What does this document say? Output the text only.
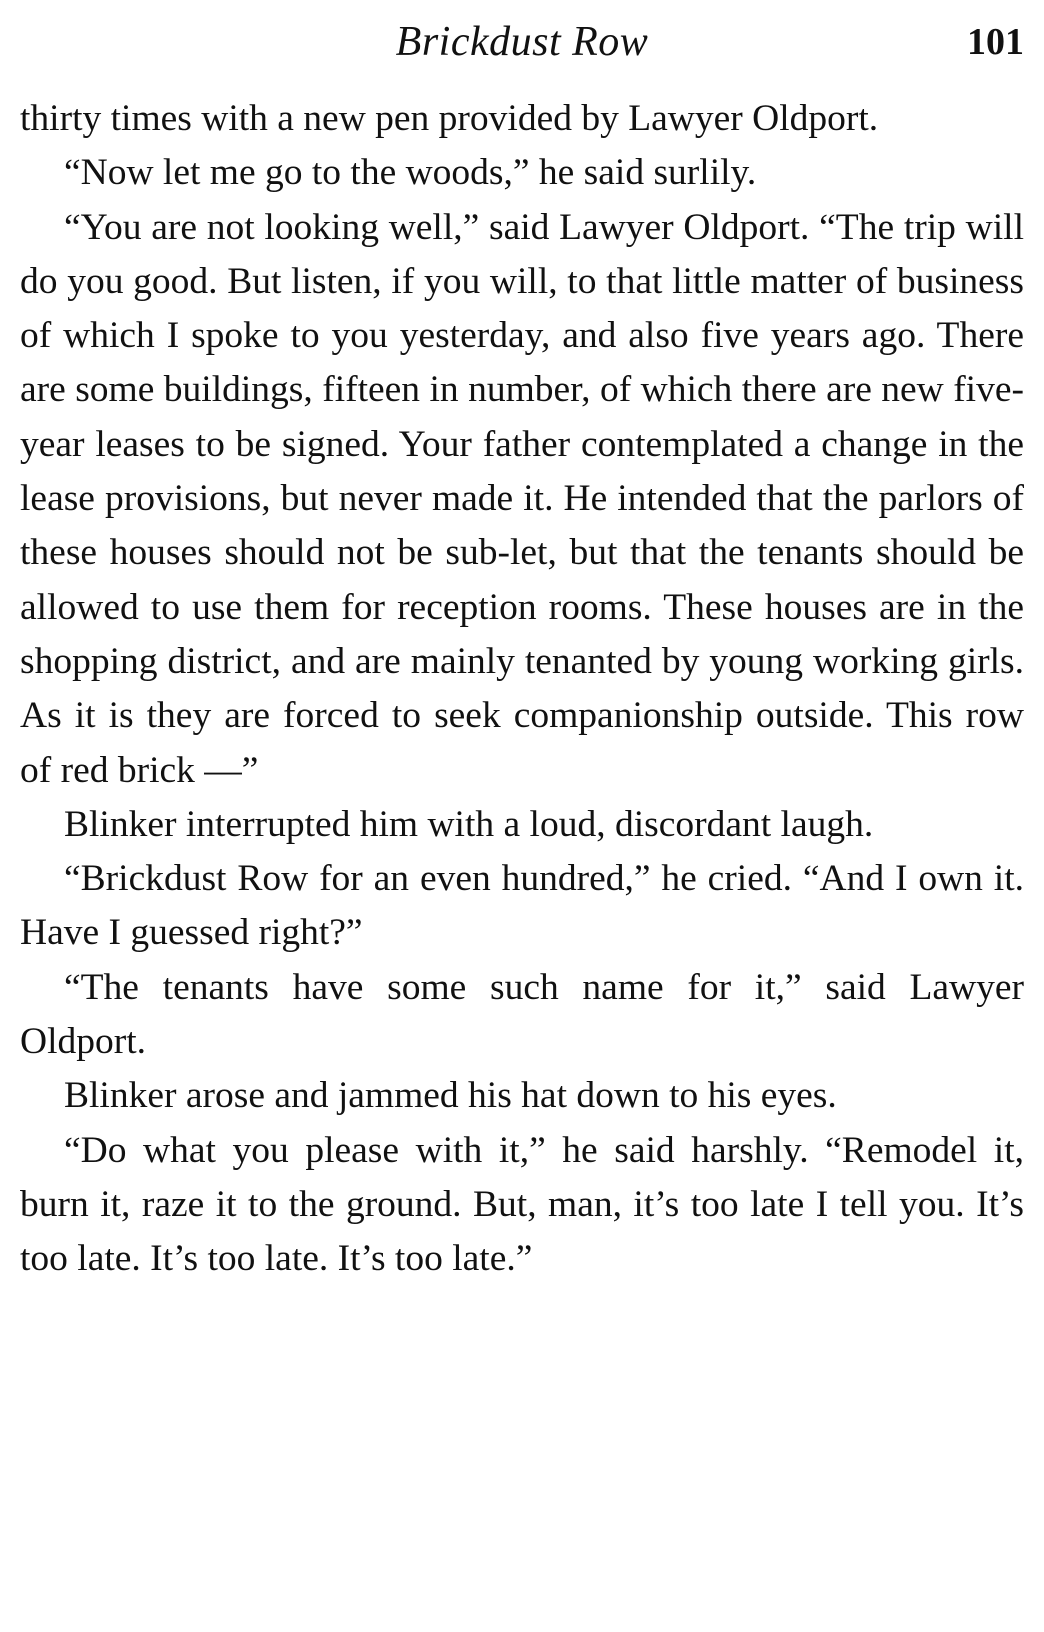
Brickdust Row	101

thirty times with a new pen provided by Lawyer Oldport.

“Now let me go to the woods,” he said surlily.

“You are not looking well,” said Lawyer Oldport. “The trip will do you good. But listen, if you will, to that little matter of business of which I spoke to you yesterday, and also five years ago. There are some buildings, fifteen in number, of which there are new five-year leases to be signed. Your father contemplated a change in the lease provisions, but never made it. He intended that the parlors of these houses should not be sub-let, but that the tenants should be allowed to use them for reception rooms. These houses are in the shopping district, and are mainly tenanted by young working girls. As it is they are forced to seek companionship outside. This row of red brick —”

Blinker interrupted him with a loud, discordant laugh.

“Brickdust Row for an even hundred,” he cried. “And I own it. Have I guessed right?”

“The tenants have some such name for it,” said Lawyer Oldport.

Blinker arose and jammed his hat down to his eyes.

“Do what you please with it,” he said harshly. “Remodel it, burn it, raze it to the ground. But, man, it’s too late I tell you. It’s too late. It’s too late. It’s too late.”
